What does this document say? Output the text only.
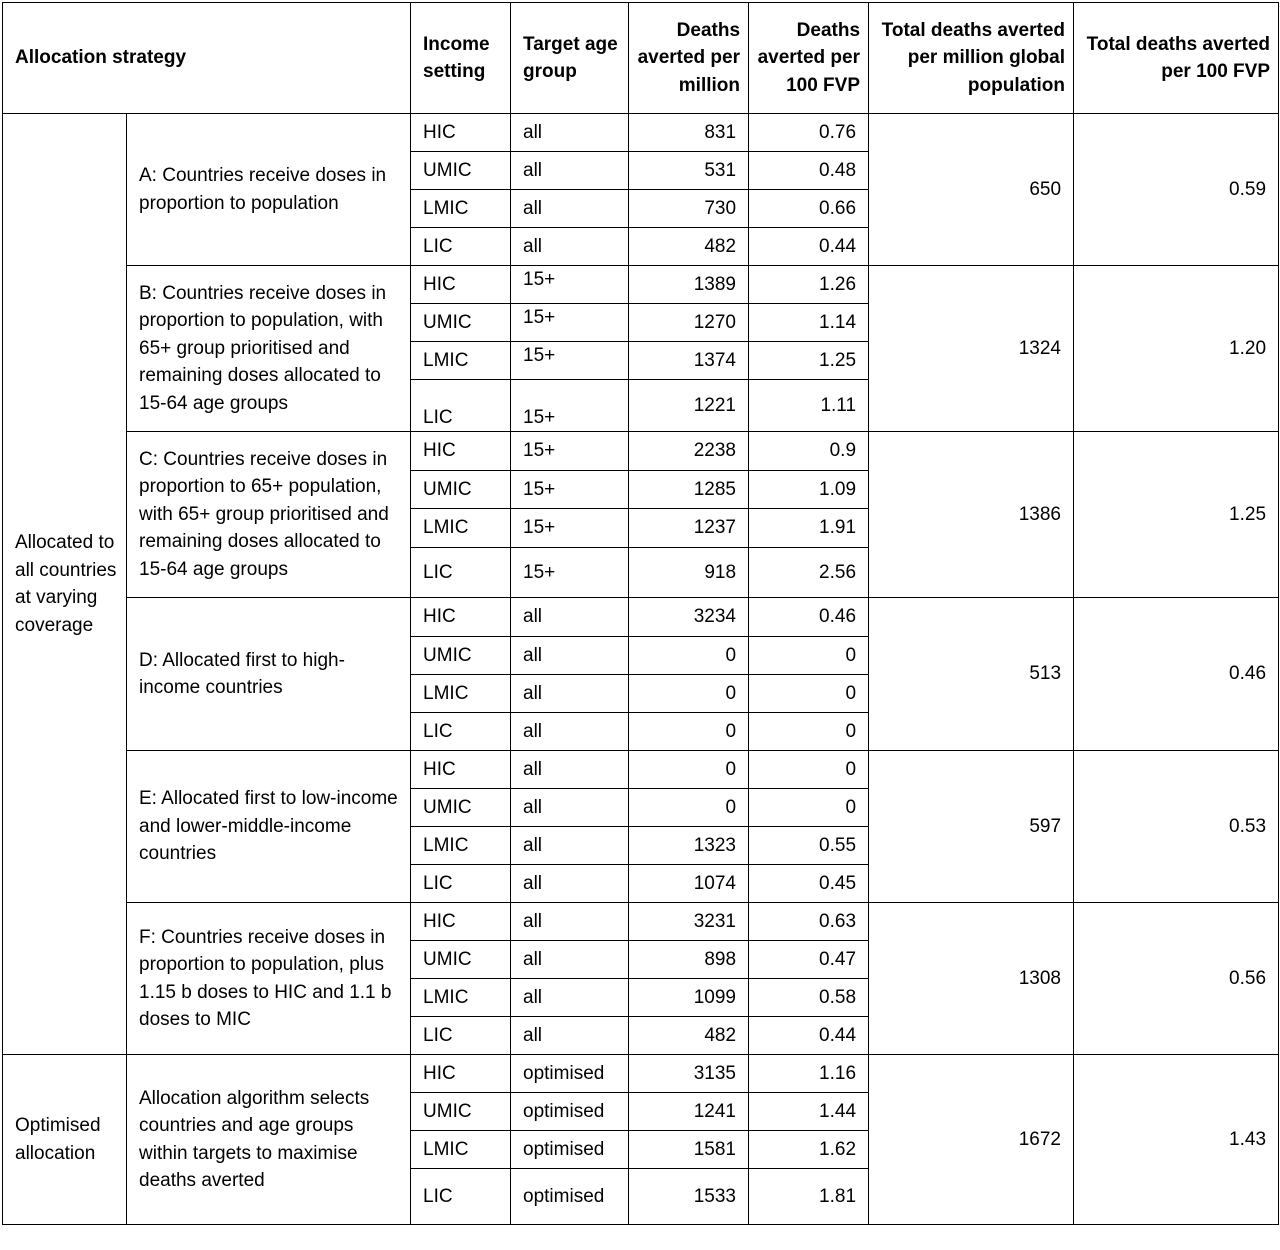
Allocation strategy		Income setting	Target age group	Deaths averted per million	Deaths averted per 100 FVP	Total deaths averted per million global population	Total deaths averted per 100 FVP
Allocated to all countries at varying coverage	A: Countries receive doses in proportion to population	HIC	all	831	0.76	650	0.59
		UMIC	all	531	0.48		
		LMIC	all	730	0.66		
		LIC	all	482	0.44		
	B: Countries receive doses in proportion to population, with 65+ group prioritised and remaining doses allocated to 15-64 age groups	HIC	15+	1389	1.26	1324	1.20
		UMIC	15+	1270	1.14		
		LMIC	15+	1374	1.25		
		LIC	15+	1221	1.11		
	C: Countries receive doses in proportion to 65+ population, with 65+ group prioritised and remaining doses allocated to 15-64 age groups	HIC	15+	2238	0.9	1386	1.25
		UMIC	15+	1285	1.09		
		LMIC	15+	1237	1.91		
		LIC	15+	918	2.56		
	D: Allocated first to high-income countries	HIC	all	3234	0.46	513	0.46
		UMIC	all	0	0		
		LMIC	all	0	0		
		LIC	all	0	0		
	E: Allocated first to low-income and lower-middle-income countries	HIC	all	0	0	597	0.53
		UMIC	all	0	0		
		LMIC	all	1323	0.55		
		LIC	all	1074	0.45		
	F: Countries receive doses in proportion to population, plus 1.15 b doses to HIC and 1.1 b doses to MIC	HIC	all	3231	0.63	1308	0.56
		UMIC	all	898	0.47		
		LMIC	all	1099	0.58		
		LIC	all	482	0.44		
Optimised allocation	Allocation algorithm selects countries and age groups within targets to maximise deaths averted	HIC	optimised	3135	1.16	1672	1.43
		UMIC	optimised	1241	1.44		
		LMIC	optimised	1581	1.62		
		LIC	optimised	1533	1.81		
